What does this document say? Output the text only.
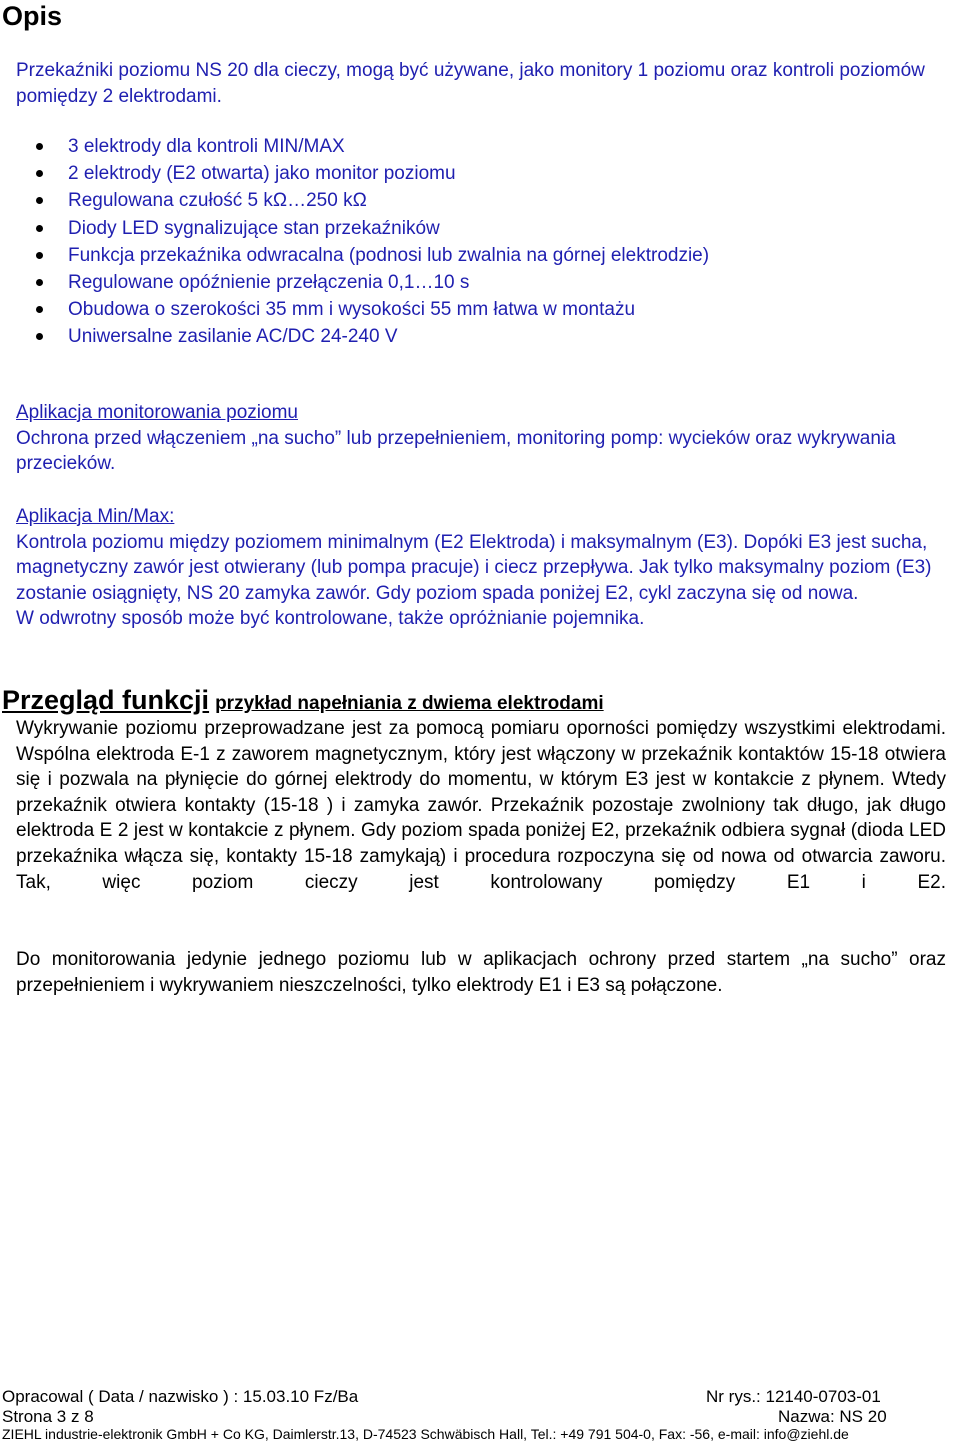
Opis

Przekaźniki poziomu NS 20 dla cieczy, mogą być używane, jako monitory 1 poziomu oraz kontroli poziomów pomiędzy 2 elektrodami.

3 elektrody dla kontroli MIN/MAX
2 elektrody (E2 otwarta) jako monitor poziomu
Regulowana czułość 5 kΩ…250 kΩ
Diody LED sygnalizujące stan przekaźników
Funkcja przekaźnika odwracalna (podnosi lub zwalnia na górnej elektrodzie)
Regulowane opóźnienie przełączenia 0,1…10 s
Obudowa o szerokości 35 mm i wysokości 55 mm łatwa w montażu
Uniwersalne zasilanie AC/DC 24-240 V
Aplikacja monitorowania poziomu
Ochrona przed włączeniem „na sucho” lub przepełnieniem, monitoring pomp: wycieków oraz wykrywania przecieków.
Aplikacja Min/Max:
Kontrola poziomu między poziomem minimalnym (E2 Elektroda) i maksymalnym (E3). Dopóki E3 jest sucha, magnetyczny zawór jest otwierany (lub pompa pracuje) i ciecz przepływa. Jak tylko maksymalny poziom (E3) zostanie osiągnięty, NS 20 zamyka zawór. Gdy poziom spada poniżej E2, cykl zaczyna się od nowa.
W odwrotny sposób może być kontrolowane, także opróżnianie pojemnika.
Przegląd funkcji przykład napełniania z dwiema elektrodami

Wykrywanie poziomu przeprowadzane jest za pomocą pomiaru oporności pomiędzy wszystkimi elektrodami. Wspólna elektroda E-1 z zaworem magnetycznym, który jest włączony w przekaźnik kontaktów 15-18 otwiera się i pozwala na płynięcie do górnej elektrody do momentu, w którym E3 jest w kontakcie z płynem. Wtedy przekaźnik otwiera kontakty (15-18 ) i zamyka zawór. Przekaźnik pozostaje zwolniony tak długo, jak długo elektroda E 2 jest w kontakcie z płynem. Gdy poziom spada poniżej E2, przekaźnik odbiera sygnał (dioda LED przekaźnika włącza się, kontakty 15-18 zamykają) i procedura rozpoczyna się od nowa od otwarcia zaworu. Tak, więc poziom cieczy jest kontrolowany pomiędzy E1 i E2.

Do monitorowania jedynie jednego poziomu lub w aplikacjach ochrony przed startem „na sucho” oraz przepełnieniem i wykrywaniem nieszczelności, tylko elektrody E1 i E3 są połączone.

Opracowal ( Data / nazwisko ) : 15.03.10 Fz/Ba	Nr rys.: 12140-0703-01
Strona 3 z 8	Nazwa: NS 20
ZIEHL industrie-elektronik GmbH + Co KG, Daimlerstr.13, D-74523 Schwäbisch Hall, Tel.: +49 791 504-0, Fax: -56, e-mail: info@ziehl.de
